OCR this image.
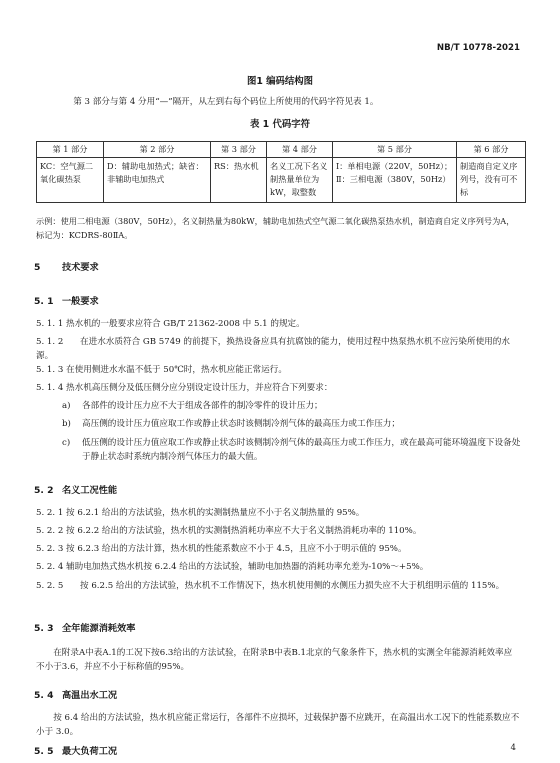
NB/T 10778-2021
图1 编码结构图
第 3 部分与第 4 分用“—”隔开，从左到右每个码位上所使用的代码字符见表 1。
表 1 代码字符
第 1 部分	第 2 部分	第 3 部分	第 4 部分	第 5 部分	第 6 部分
KC：空气源二氧化碳热泵	D：辅助电加热式；缺省：非辅助电加热式	RS：热水机	名义工况下名义制热量单位为 kW，取整数	Ⅰ：单相电源（220V，50Hz）；Ⅱ：三相电源（380V，50Hz）	制造商自定义序列号，没有可不标
示例：使用二相电源（380V，50Hz），名义制热量为80kW，辅助电加热式空气源二氧化碳热泵热水机，制造商自定义序列号为A，标记为：KCDRS-80ⅡA。
5 技术要求
5. 1 一般要求
5. 1. 1 热水机的一般要求应符合 GB/T 21362-2008 中 5.1 的规定。
5. 1. 2	在进水水质符合 GB 5749 的前提下，换热设备应具有抗腐蚀的能力，使用过程中热泵热水机不应污染所使用的水源。
5. 1. 3 在使用侧进水水温不低于 50℃时，热水机应能正常运行。
5. 1. 4 热水机高压侧分及低压侧分应分别设定设计压力，并应符合下列要求：
a) 各部件的设计压力应不大于组成各部件的制冷零件的设计压力；
b) 高压侧的设计压力值应取工作或静止状态时该侧制冷剂气体的最高压力或工作压力；
c) 低压侧的设计压力值应取工作或静止状态时该侧制冷剂气体的最高压力或工作压力，或在最高可能环境温度下设备处于静止状态时系统内制冷剂气体压力的最大值。
5. 2 名义工况性能
5. 2. 1 按 6.2.1 给出的方法试验，热水机的实测制热量应不小于名义制热量的 95%。
5. 2. 2 按 6.2.2 给出的方法试验，热水机的实测制热消耗功率应不大于名义制热消耗功率的 110%。
5. 2. 3 按 6.2.3 给出的方法计算，热水机的性能系数应不小于 4.5，且应不小于明示值的 95%。
5. 2. 4 辅助电加热式热水机按 6.2.4 给出的方法试验，辅助电加热器的消耗功率允差为-10%～+5%。
5. 2. 5	按 6.2.5 给出的方法试验，热水机不工作情况下，热水机使用侧的水侧压力损失应不大于机组明示值的 115%。
5. 3 全年能源消耗效率
在附录A中表A.1的工况下按6.3给出的方法试验，在附录B中表B.1北京的气象条件下，热水机的实测全年能源消耗效率应不小于3.6，并应不小于标称值的95%。
5. 4 高温出水工况
按 6.4 给出的方法试验，热水机应能正常运行，各部件不应损坏，过载保护器不应跳开，在高温出水工况下的性能系数应不小于 3.0。
5. 5 最大负荷工况	4
